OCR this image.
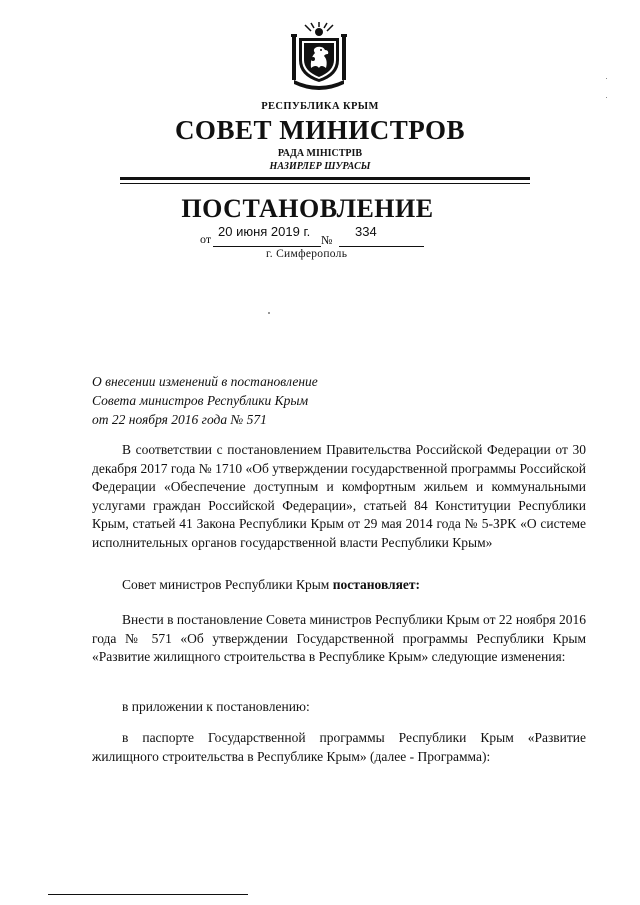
РЕСПУБЛИКА КРЫМ
СОВЕТ МИНИСТРОВ
РАДА МІНІСТРІВ
НАЗИРЛЕР ШУРАСЫ
ПОСТАНОВЛЕНИЕ
от 20 июня 2019 г.
№
334
г. Симферополь
О внесении изменений в постановление
Совета министров Республики Крым
от 22 ноября 2016 года № 571
В соответствии с постановлением Правительства Российской Федерации от 30 декабря 2017 года № 1710 «Об утверждении государственной программы Российской Федерации «Обеспечение доступным и комфортным жильем и коммунальными услугами граждан Российской Федерации», статьей 84 Конституции Республики Крым, статьей 41 Закона Республики Крым от 29 мая 2014 года № 5-ЗРК «О системе исполнительных органов государственной власти Республики Крым»
Совет министров Республики Крым постановляет:
Внести в постановление Совета министров Республики Крым от 22 ноября 2016 года № 571 «Об утверждении Государственной программы Республики Крым «Развитие жилищного строительства в Республике Крым» следующие изменения:
в приложении к постановлению:
в паспорте Государственной программы Республики Крым «Развитие жилищного строительства в Республике Крым» (далее - Программа):
